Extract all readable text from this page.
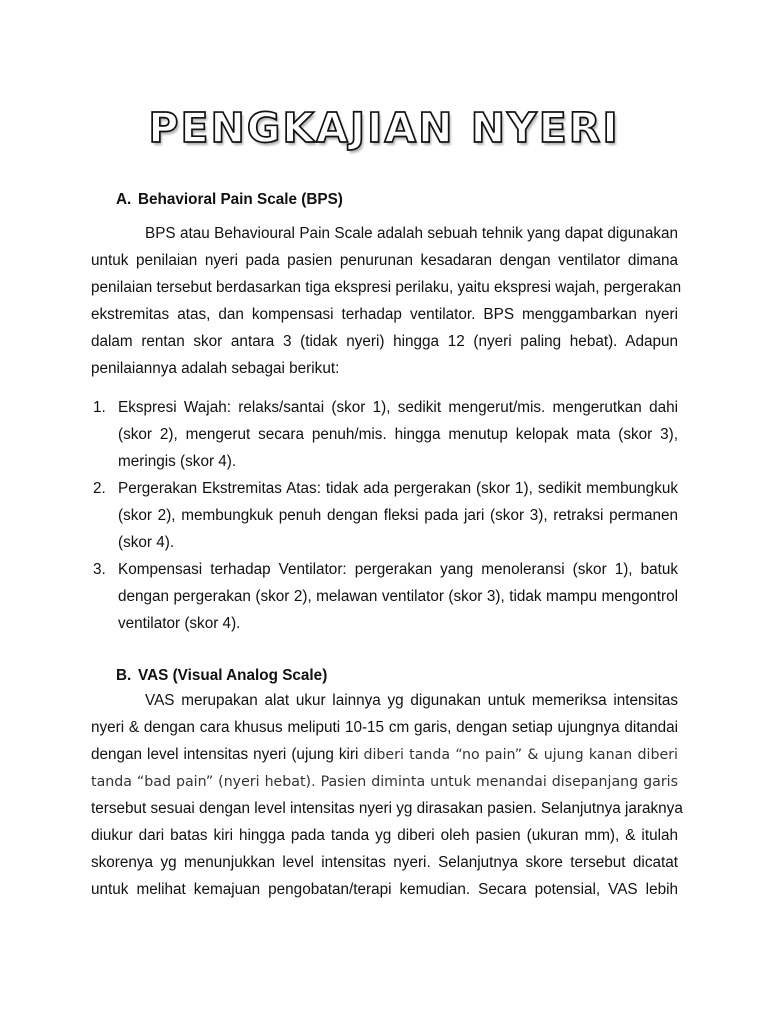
PENGKAJIAN NYERI
A. Behavioral Pain Scale (BPS)
BPS atau Behavioural Pain Scale adalah sebuah tehnik yang dapat digunakan
untuk penilaian nyeri pada pasien penurunan kesadaran dengan ventilator dimana
penilaian tersebut berdasarkan tiga ekspresi perilaku, yaitu ekspresi wajah, pergerakan
ekstremitas atas, dan kompensasi terhadap ventilator. BPS menggambarkan nyeri
dalam rentan skor antara 3 (tidak nyeri) hingga 12 (nyeri paling hebat). Adapun
penilaiannya adalah sebagai berikut:
1. Ekspresi Wajah: relaks/santai (skor 1), sedikit mengerut/mis. mengerutkan dahi
(skor 2), mengerut secara penuh/mis. hingga menutup kelopak mata (skor 3),
meringis (skor 4).
2. Pergerakan Ekstremitas Atas: tidak ada pergerakan (skor 1), sedikit membungkuk
(skor 2), membungkuk penuh dengan fleksi pada jari (skor 3), retraksi permanen
(skor 4).
3. Kompensasi terhadap Ventilator: pergerakan yang menoleransi (skor 1), batuk
dengan pergerakan (skor 2), melawan ventilator (skor 3), tidak mampu mengontrol
ventilator (skor 4).
B. VAS (Visual Analog Scale)
VAS merupakan alat ukur lainnya yg digunakan untuk memeriksa intensitas
nyeri & dengan cara khusus meliputi 10-15 cm garis, dengan setiap ujungnya ditandai
dengan level intensitas nyeri (ujung kiri diberi tanda “no pain” & ujung kanan diberi
tanda “bad pain” (nyeri hebat). Pasien diminta untuk menandai disepanjang garis
tersebut sesuai dengan level intensitas nyeri yg dirasakan pasien. Selanjutnya jaraknya
diukur dari batas kiri hingga pada tanda yg diberi oleh pasien (ukuran mm), & itulah
skorenya yg menunjukkan level intensitas nyeri. Selanjutnya skore tersebut dicatat
untuk melihat kemajuan pengobatan/terapi kemudian. Secara potensial, VAS lebih
